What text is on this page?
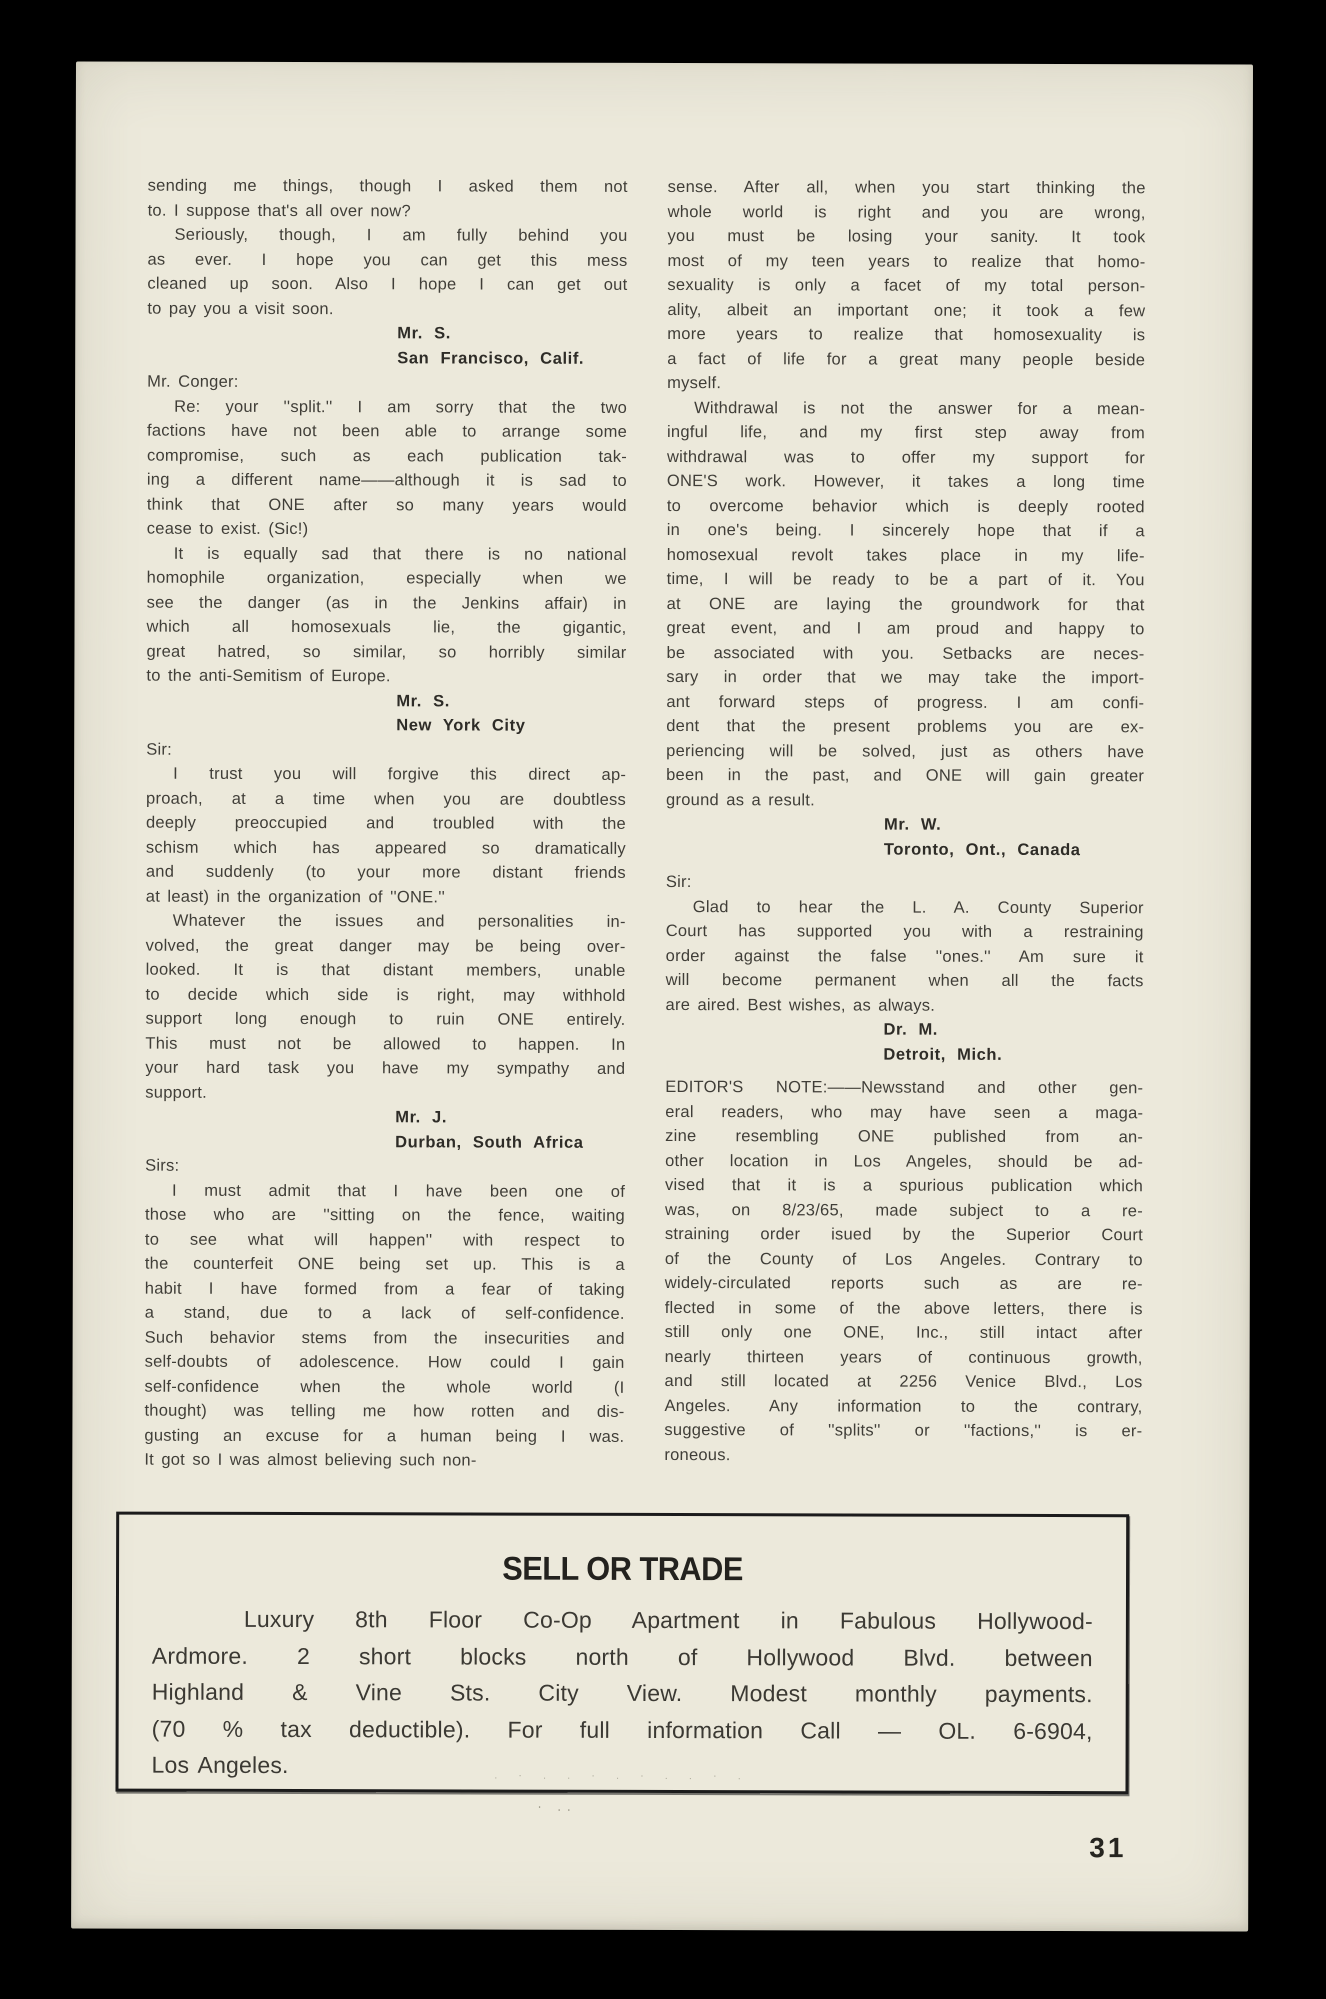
sending me things, though I asked them not
to. I suppose that's all over now?
Seriously, though, I am fully behind you
as ever. I hope you can get this mess
cleaned up soon. Also I hope I can get out
to pay you a visit soon.
Mr. S.
San Francisco, Calif.
Mr. Conger:
Re: your ''split.'' I am sorry that the two
factions have not been able to arrange some
compromise, such as each publication tak-
ing a different name——although it is sad to
think that ONE after so many years would
cease to exist. (Sic!)
It is equally sad that there is no national
homophile organization, especially when we
see the danger (as in the Jenkins affair) in
which all homosexuals lie, the gigantic,
great hatred, so similar, so horribly similar
to the anti-Semitism of Europe.
Mr. S.
New York City
Sir:
I trust you will forgive this direct ap-
proach, at a time when you are doubtless
deeply preoccupied and troubled with the
schism which has appeared so dramatically
and suddenly (to your more distant friends
at least) in the organization of ''ONE.''
Whatever the issues and personalities in-
volved, the great danger may be being over-
looked. It is that distant members, unable
to decide which side is right, may withhold
support long enough to ruin ONE entirely.
This must not be allowed to happen. In
your hard task you have my sympathy and
support.
Mr. J.
Durban, South Africa
Sirs:
I must admit that I have been one of
those who are ''sitting on the fence, waiting
to see what will happen'' with respect to
the counterfeit ONE being set up. This is a
habit I have formed from a fear of taking
a stand, due to a lack of self-confidence.
Such behavior stems from the insecurities and
self-doubts of adolescence. How could I gain
self-confidence when the whole world (I
thought) was telling me how rotten and dis-
gusting an excuse for a human being I was.
It got so I was almost believing such non-
sense. After all, when you start thinking the
whole world is right and you are wrong,
you must be losing your sanity. It took
most of my teen years to realize that homo-
sexuality is only a facet of my total person-
ality, albeit an important one; it took a few
more years to realize that homosexuality is
a fact of life for a great many people beside
myself.
Withdrawal is not the answer for a mean-
ingful life, and my first step away from
withdrawal was to offer my support for
ONE'S work. However, it takes a long time
to overcome behavior which is deeply rooted
in one's being. I sincerely hope that if a
homosexual revolt takes place in my life-
time, I will be ready to be a part of it. You
at ONE are laying the groundwork for that
great event, and I am proud and happy to
be associated with you. Setbacks are neces-
sary in order that we may take the import-
ant forward steps of progress. I am confi-
dent that the present problems you are ex-
periencing will be solved, just as others have
been in the past, and ONE will gain greater
ground as a result.
Mr. W.
Toronto, Ont., Canada
Sir:
Glad to hear the L. A. County Superior
Court has supported you with a restraining
order against the false ''ones.'' Am sure it
will become permanent when all the facts
are aired. Best wishes, as always.
Dr. M.
Detroit, Mich.
EDITOR'S NOTE:——Newsstand and other gen-
eral readers, who may have seen a maga-
zine resembling ONE published from an-
other location in Los Angeles, should be ad-
vised that it is a spurious publication which
was, on 8/23/65, made subject to a re-
straining order isued by the Superior Court
of the County of Los Angeles. Contrary to
widely-circulated reports such as are re-
flected in some of the above letters, there is
still only one ONE, Inc., still intact after
nearly thirteen years of continuous growth,
and still located at 2256 Venice Blvd., Los
Angeles. Any information to the contrary,
suggestive of ''splits'' or ''factions,'' is er-
roneous.
SELL OR TRADE
Luxury 8th Floor Co-Op Apartment in Fabulous Hollywood-
Ardmore. 2 short blocks north of Hollywood Blvd. between
Highland & Vine Sts. City View. Modest monthly payments.
(70 % tax deductible). For full information Call — OL. 6-6904,
Los Angeles.	. · . . · . · . . · .
· ..
31
